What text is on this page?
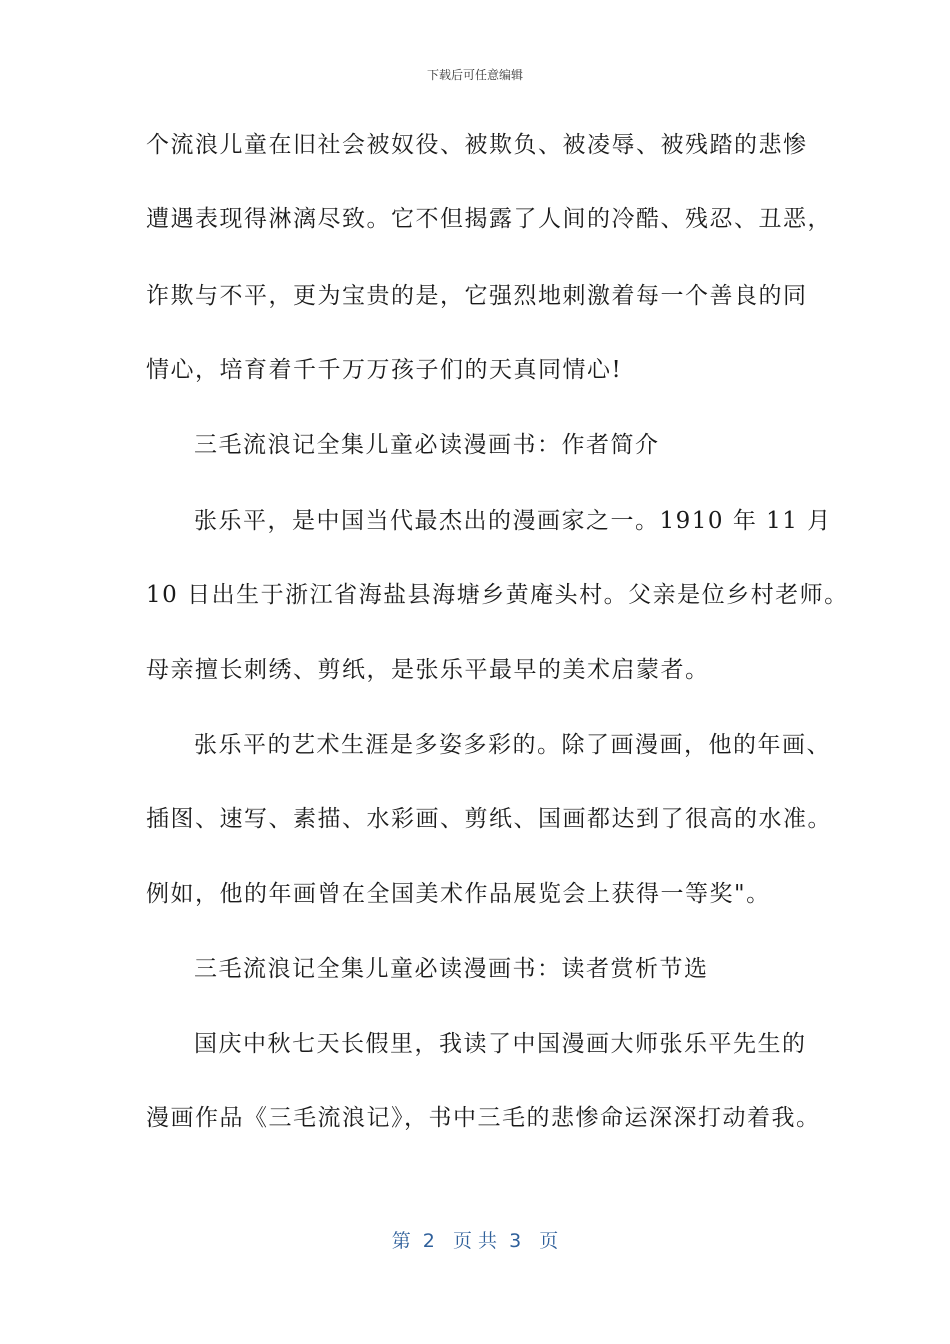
下载后可任意编辑
个流浪儿童在旧社会被奴役、被欺负、被凌辱、被残踏的悲惨
遭遇表现得淋漓尽致。它不但揭露了人间的冷酷、残忍、丑恶，
诈欺与不平，更为宝贵的是，它强烈地刺激着每一个善良的同
情心，培育着千千万万孩子们的天真同情心!
三毛流浪记全集儿童必读漫画书：作者简介
张乐平，是中国当代最杰出的漫画家之一。1910 年 11 月
10 日出生于浙江省海盐县海塘乡黄庵头村。父亲是位乡村老师。
母亲擅长刺绣、剪纸，是张乐平最早的美术启蒙者。
张乐平的艺术生涯是多姿多彩的。除了画漫画，他的年画、
插图、速写、素描、水彩画、剪纸、国画都达到了很高的水准。
例如，他的年画曾在全国美术作品展览会上获得一等奖"。
三毛流浪记全集儿童必读漫画书：读者赏析节选
国庆中秋七天长假里，我读了中国漫画大师张乐平先生的
漫画作品《三毛流浪记》，书中三毛的悲惨命运深深打动着我。
第  2   页 共  3   页
